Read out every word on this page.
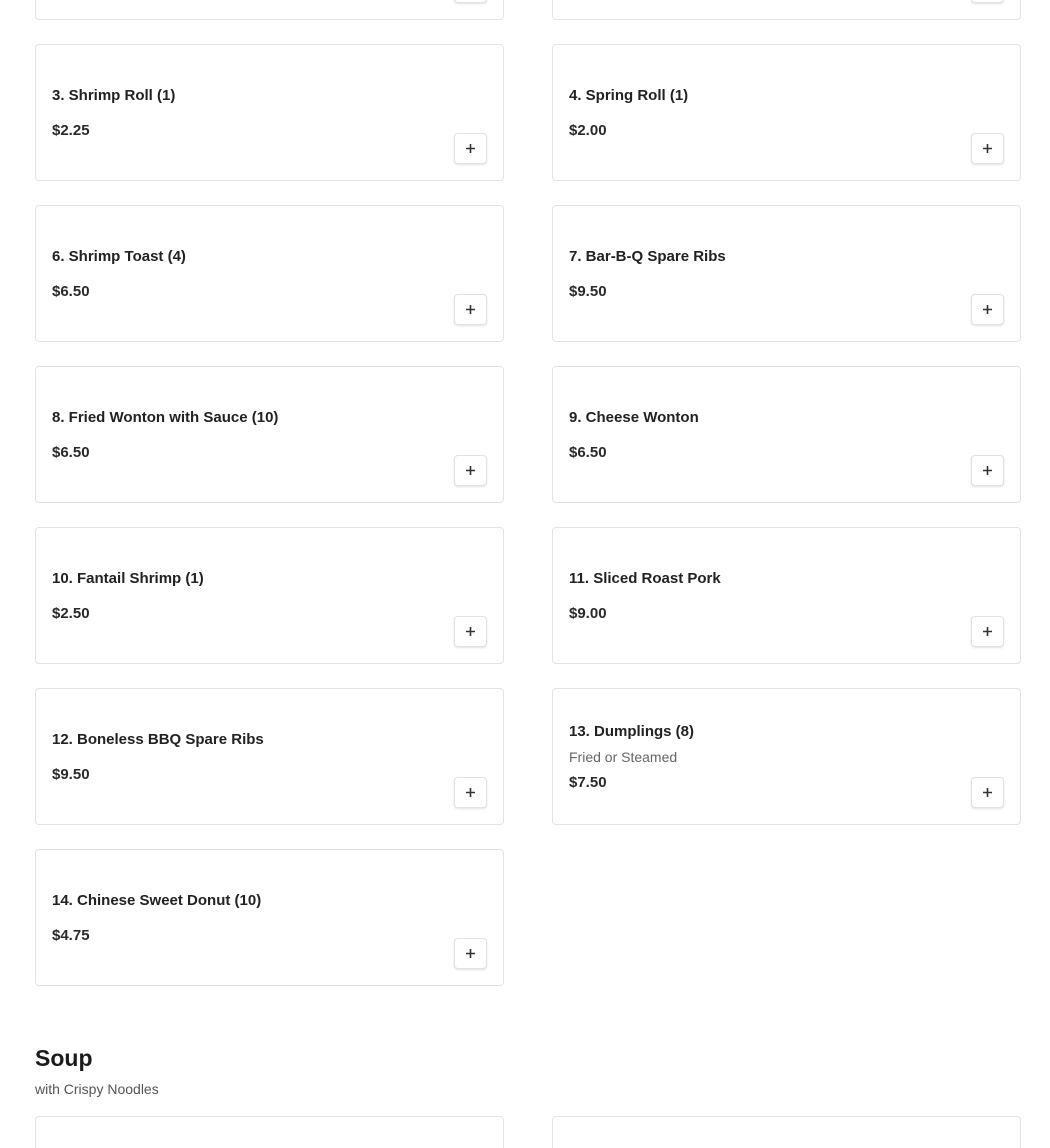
3. Shrimp Roll (1)
$2.25
4. Spring Roll (1)
$2.00
6. Shrimp Toast (4)
$6.50
7. Bar-B-Q Spare Ribs
$9.50
8. Fried Wonton with Sauce (10)
$6.50
9. Cheese Wonton
$6.50
10. Fantail Shrimp (1)
$2.50
11. Sliced Roast Pork
$9.00
12. Boneless BBQ Spare Ribs
$9.50
13. Dumplings (8)
Fried or Steamed
$7.50
14. Chinese Sweet Donut (10)
$4.75
Soup
with Crispy Noodles
